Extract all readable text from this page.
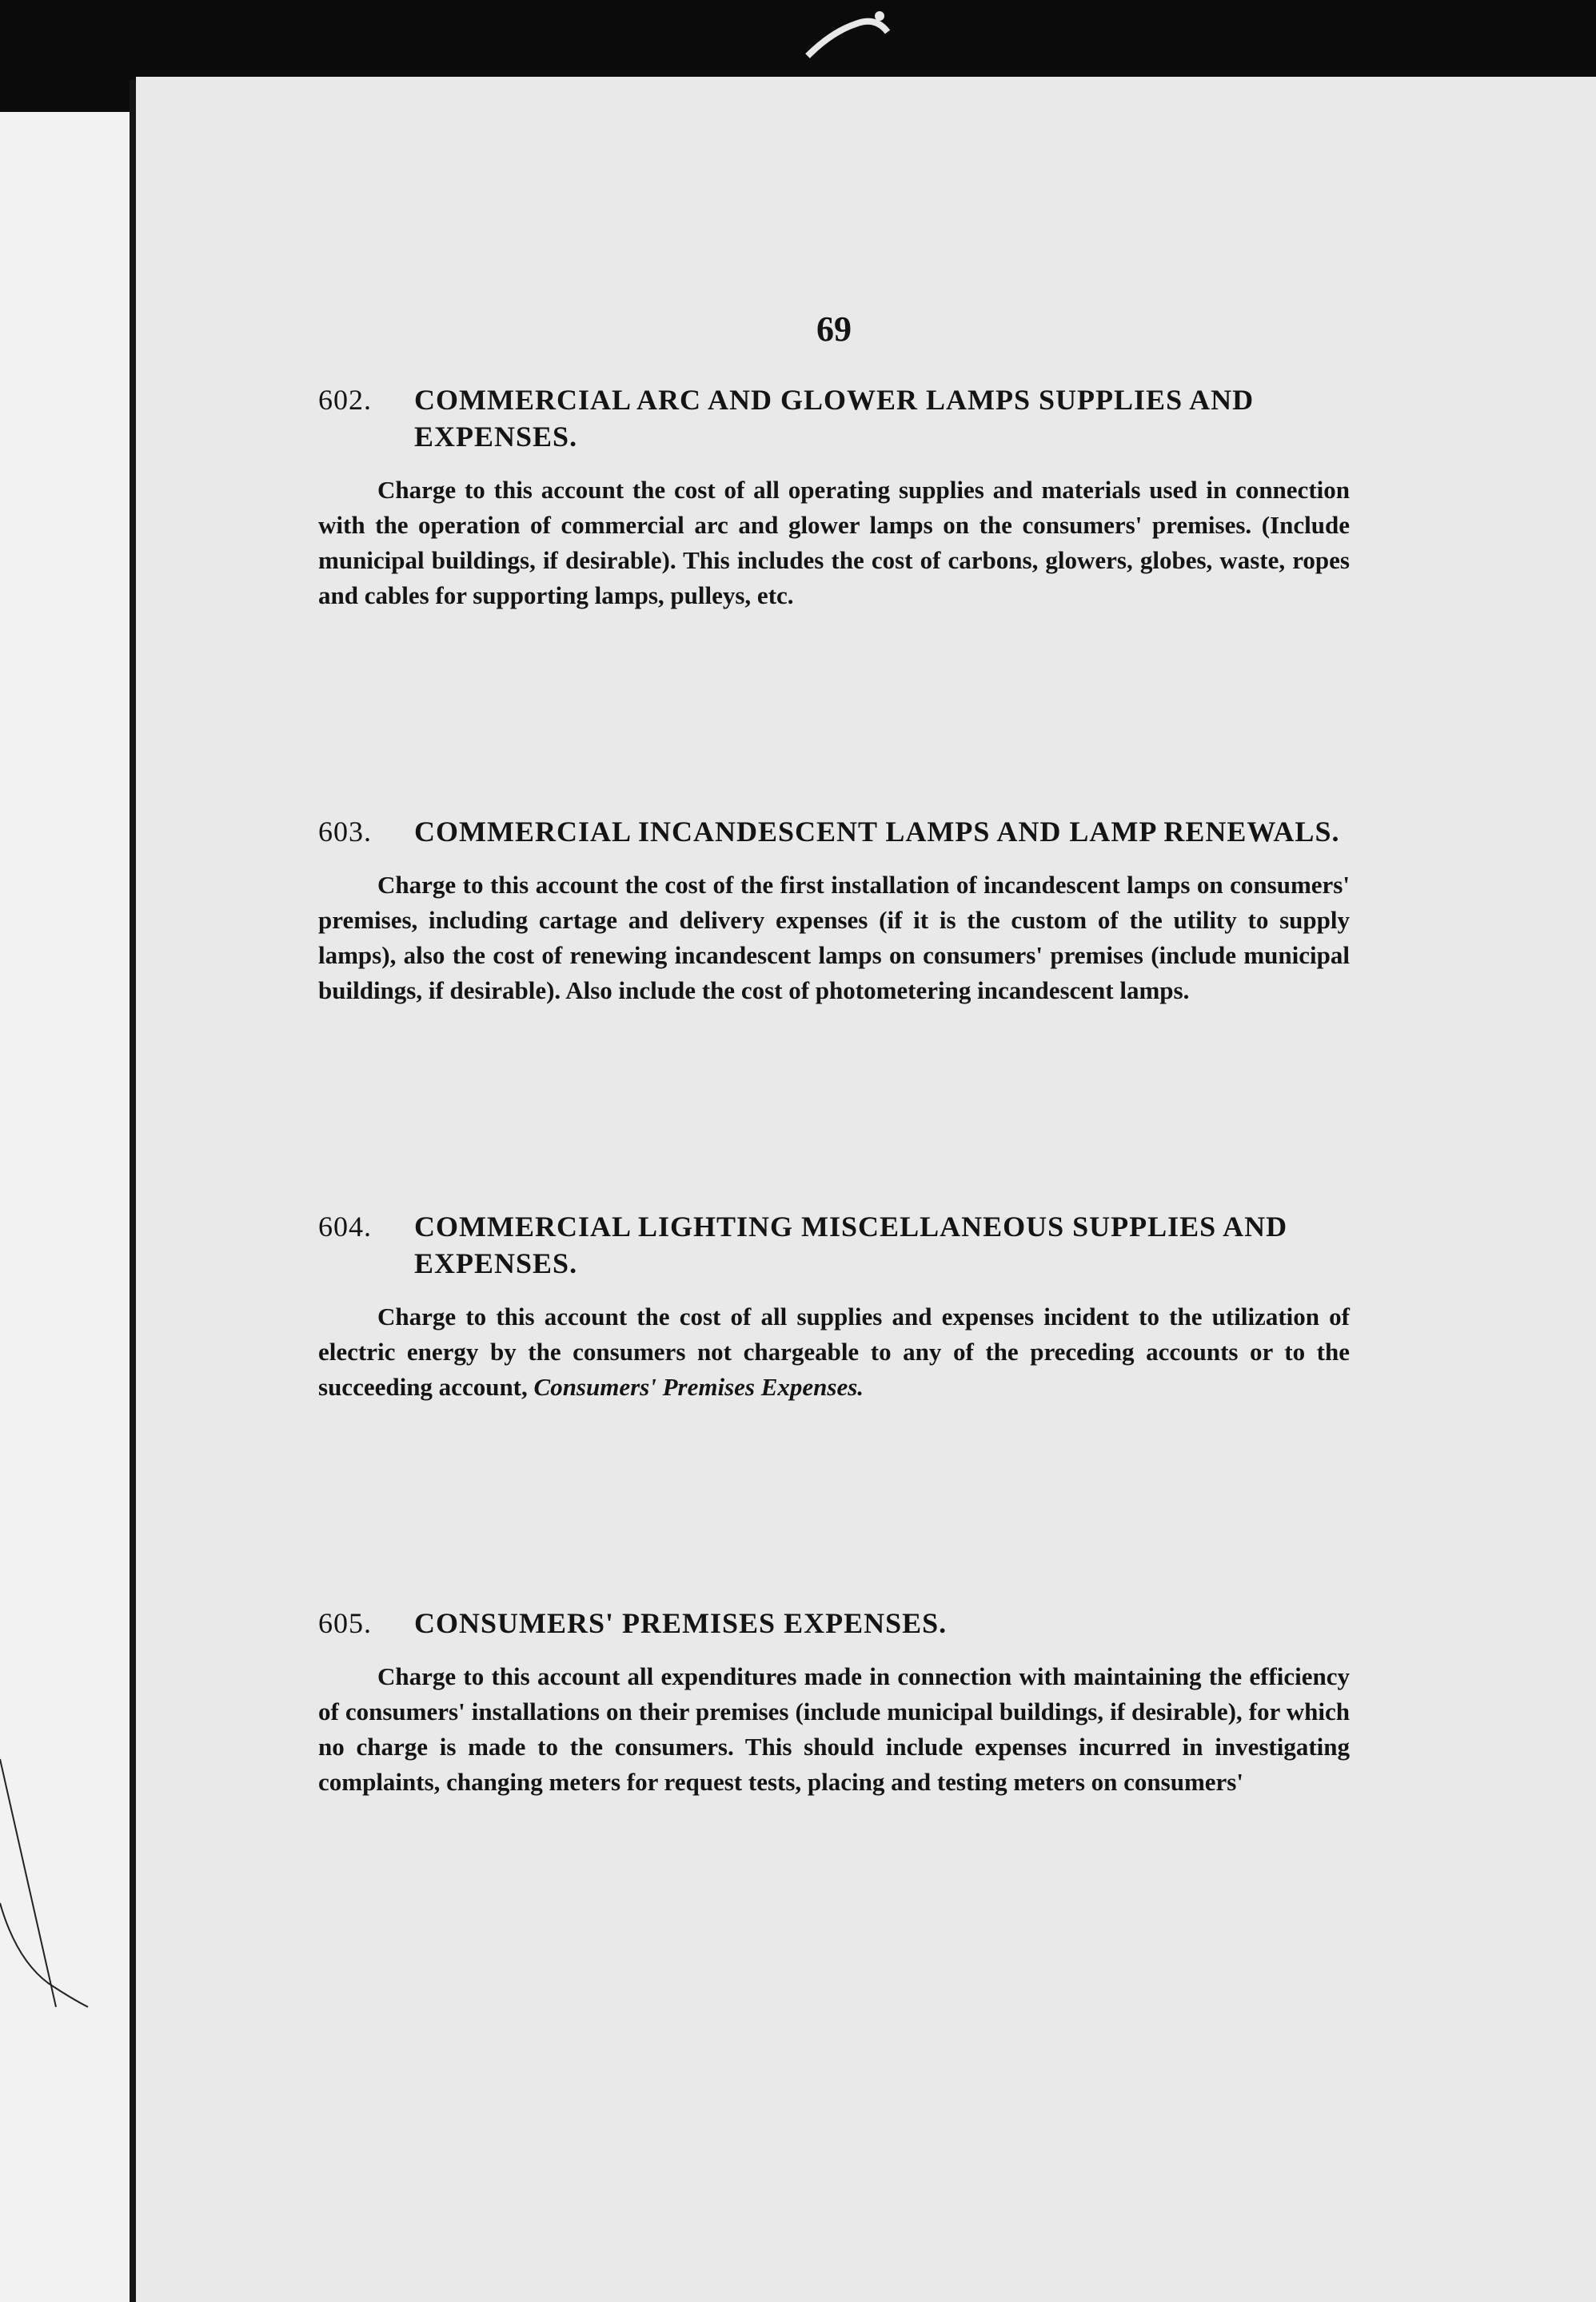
69
602.	COMMERCIAL ARC AND GLOWER LAMPS SUPPLIES AND EXPENSES.

Charge to this account the cost of all operating supplies and materials used in connection with the operation of commercial arc and glower lamps on the consumers' premises. (Include municipal buildings, if desirable). This includes the cost of carbons, glowers, globes, waste, ropes and cables for supporting lamps, pulleys, etc.

603.	COMMERCIAL INCANDESCENT LAMPS AND LAMP RENEWALS.

Charge to this account the cost of the first installation of incandescent lamps on consumers' premises, including cartage and delivery expenses (if it is the custom of the utility to supply lamps), also the cost of renewing incandescent lamps on consumers' premises (include municipal buildings, if desirable). Also include the cost of photometering incandescent lamps.

604.	COMMERCIAL LIGHTING MISCELLANEOUS SUPPLIES AND EXPENSES.

Charge to this account the cost of all supplies and expenses incident to the utilization of electric energy by the consumers not chargeable to any of the preceding accounts or to the succeeding account, Consumers' Premises Expenses.

605.	CONSUMERS' PREMISES EXPENSES.

Charge to this account all expenditures made in connection with maintaining the efficiency of consumers' installations on their premises (include municipal buildings, if desirable), for which no charge is made to the consumers. This should include expenses incurred in investigating complaints, changing meters for request tests, placing and testing meters on consumers'
